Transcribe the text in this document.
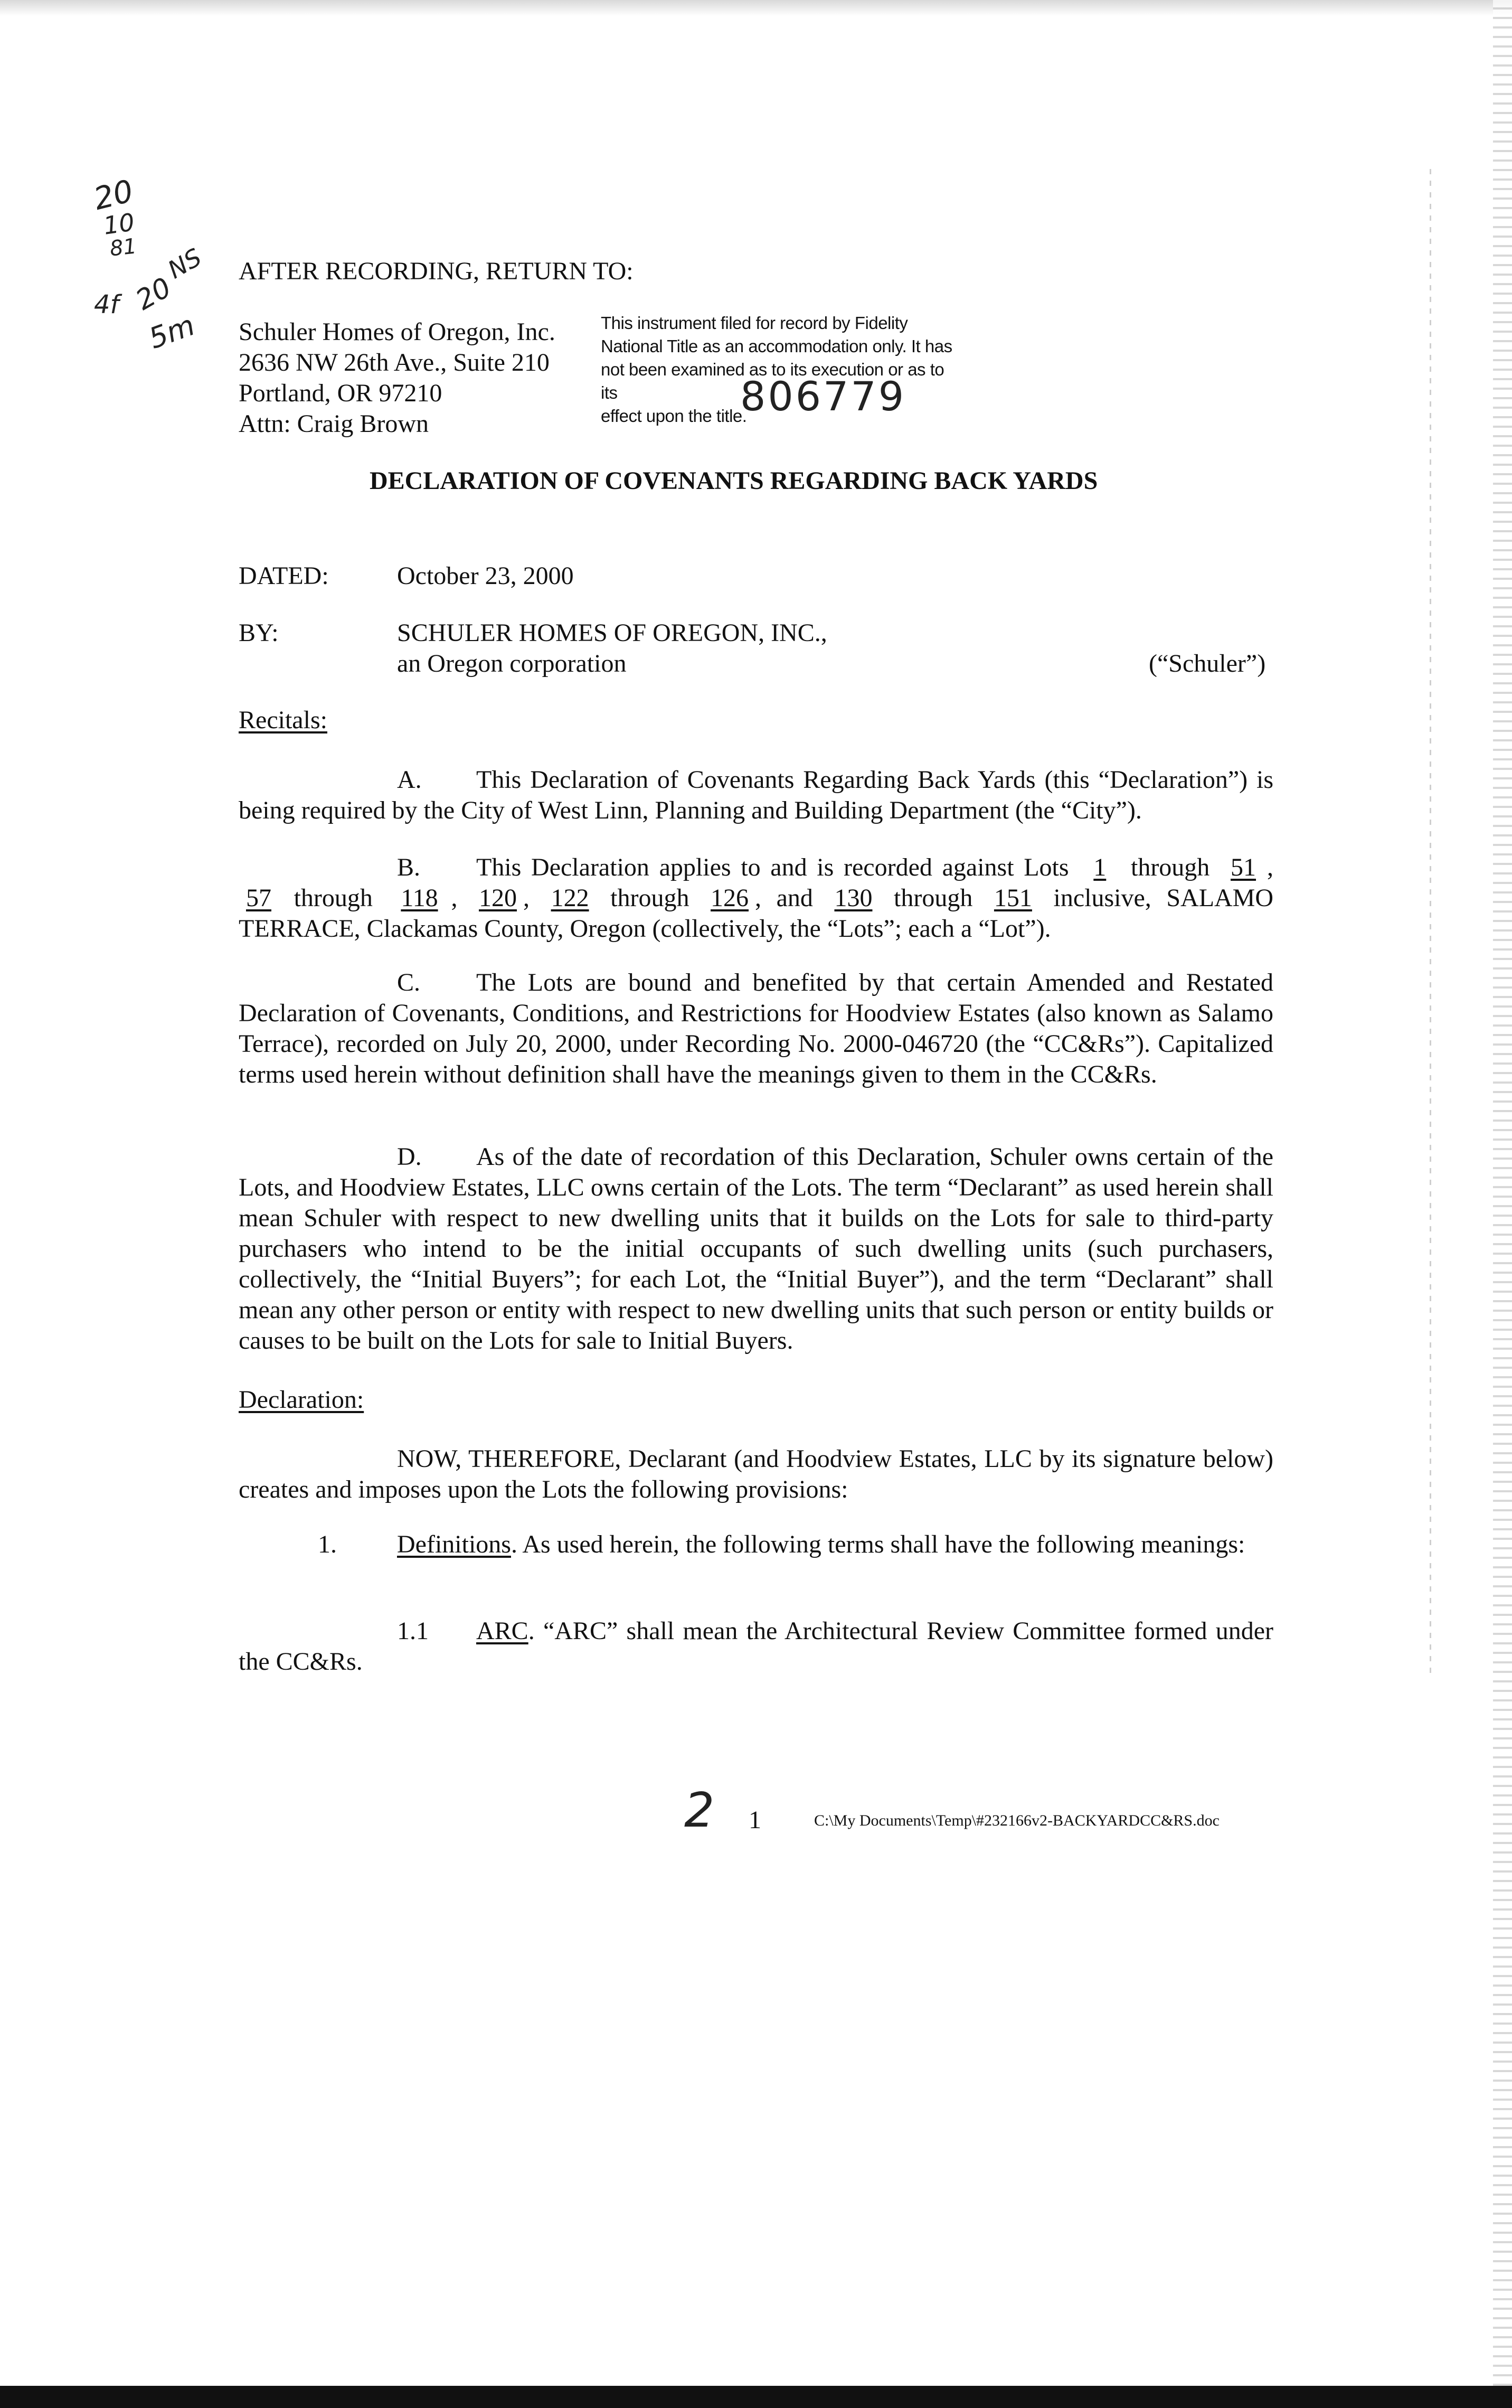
20
10
81
4f 20
NS
5m
AFTER RECORDING, RETURN TO:
Schuler Homes of Oregon, Inc.
2636 NW 26th Ave., Suite 210
Portland, OR 97210
Attn: Craig Brown
This instrument filed for record by Fidelity
National Title as an accommodation only. It has
not been examined as to its execution or as to its
effect upon the title.
806779
DECLARATION OF COVENANTS REGARDING BACK YARDS
DATED:	October 23, 2000
BY:	SCHULER HOMES OF OREGON, INC.,
an Oregon corporation	(“Schuler”)
Recitals:
A. This Declaration of Covenants Regarding Back Yards (this “Declaration”) is being required by the City of West Linn, Planning and Building Department (the “City”).
B. This Declaration applies to and is recorded against Lots 1 through 51 , 57 through 118 , 120 , 122 through 126 , and 130 through 151 inclusive, SALAMO TERRACE, Clackamas County, Oregon (collectively, the “Lots”; each a “Lot”).
C. The Lots are bound and benefited by that certain Amended and Restated Declaration of Covenants, Conditions, and Restrictions for Hoodview Estates (also known as Salamo Terrace), recorded on July 20, 2000, under Recording No. 2000-046720 (the “CC&Rs”). Capitalized terms used herein without definition shall have the meanings given to them in the CC&Rs.
D. As of the date of recordation of this Declaration, Schuler owns certain of the Lots, and Hoodview Estates, LLC owns certain of the Lots. The term “Declarant” as used herein shall mean Schuler with respect to new dwelling units that it builds on the Lots for sale to third-party purchasers who intend to be the initial occupants of such dwelling units (such purchasers, collectively, the “Initial Buyers”; for each Lot, the “Initial Buyer”), and the term “Declarant” shall mean any other person or entity with respect to new dwelling units that such person or entity builds or causes to be built on the Lots for sale to Initial Buyers.
Declaration:
NOW, THEREFORE, Declarant (and Hoodview Estates, LLC by its signature below) creates and imposes upon the Lots the following provisions:
1. Definitions. As used herein, the following terms shall have the following meanings:
1.1 ARC. “ARC” shall mean the Architectural Review Committee formed under the CC&Rs.
2 1	C:\My Documents\Temp\#232166v2-BACKYARDCC&RS.doc
